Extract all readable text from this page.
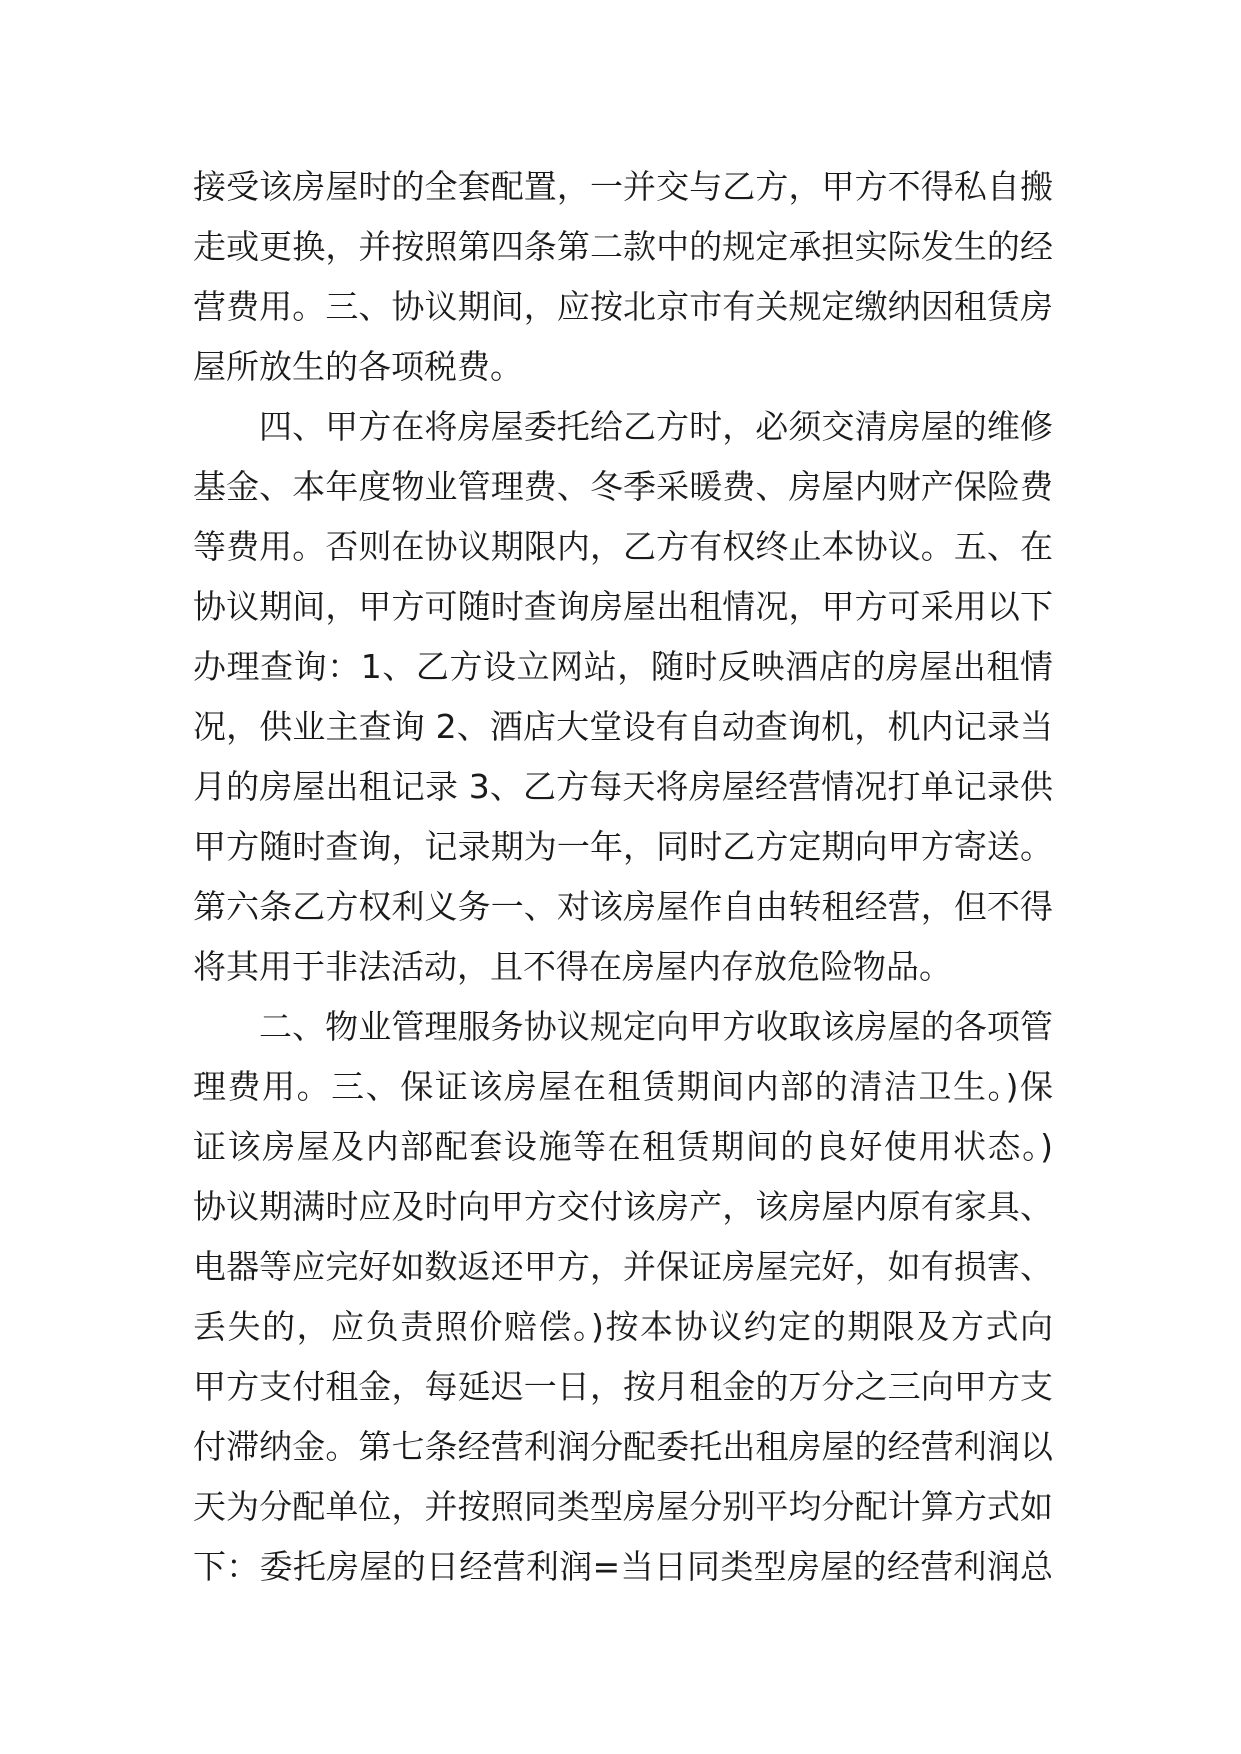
接受该房屋时的全套配置，一并交与乙方，甲方不得私自搬
走或更换，并按照第四条第二款中的规定承担实际发生的经
营费用。三、协议期间，应按北京市有关规定缴纳因租赁房
屋所放生的各项税费。
四、甲方在将房屋委托给乙方时，必须交清房屋的维修
基金、本年度物业管理费、冬季采暖费、房屋内财产保险费
等费用。否则在协议期限内，乙方有权终止本协议。五、在
协议期间，甲方可随时查询房屋出租情况，甲方可采用以下
办理查询：1、乙方设立网站，随时反映酒店的房屋出租情
况，供业主查询 2、酒店大堂设有自动查询机，机内记录当
月的房屋出租记录 3、乙方每天将房屋经营情况打单记录供
甲方随时查询，记录期为一年，同时乙方定期向甲方寄送。
第六条乙方权利义务一、对该房屋作自由转租经营，但不得
将其用于非法活动，且不得在房屋内存放危险物品。
二、物业管理服务协议规定向甲方收取该房屋的各项管
理费用。三、保证该房屋在租赁期间内部的清洁卫生。)保
证该房屋及内部配套设施等在租赁期间的良好使用状态。)
协议期满时应及时向甲方交付该房产，该房屋内原有家具、
电器等应完好如数返还甲方，并保证房屋完好，如有损害、
丢失的，应负责照价赔偿。)按本协议约定的期限及方式向
甲方支付租金，每延迟一日，按月租金的万分之三向甲方支
付滞纳金。第七条经营利润分配委托出租房屋的经营利润以
天为分配单位，并按照同类型房屋分别平均分配计算方式如
下：委托房屋的日经营利润=当日同类型房屋的经营利润总
